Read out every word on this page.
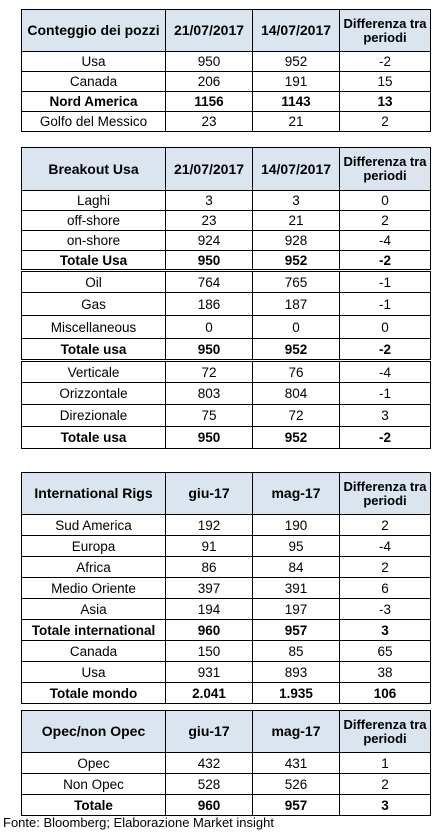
Conteggio dei pozzi	21/07/2017	14/07/2017	Differenza tra periodi
Usa	950	952	-2
Canada	206	191	15
Nord America	1156	1143	13
Golfo del Messico	23	21	2
Breakout Usa	21/07/2017	14/07/2017	Differenza tra periodi
Laghi	3	3	0
off-shore	23	21	2
on-shore	924	928	-4
Totale Usa	950	952	-2
Oil	764	765	-1
Gas	186	187	-1
Miscellaneous	0	0	0
Totale usa	950	952	-2
Verticale	72	76	-4
Orizzontale	803	804	-1
Direzionale	75	72	3
Totale usa	950	952	-2
International Rigs	giu-17	mag-17	Differenza tra periodi
Sud America	192	190	2
Europa	91	95	-4
Africa	86	84	2
Medio Oriente	397	391	6
Asia	194	197	-3
Totale international	960	957	3
Canada	150	85	65
Usa	931	893	38
Totale mondo	2.041	1.935	106
Opec/non Opec	giu-17	mag-17	Differenza tra periodi
Opec	432	431	1
Non Opec	528	526	2
Totale	960	957	3
Fonte: Bloomberg; Elaborazione Market insight
